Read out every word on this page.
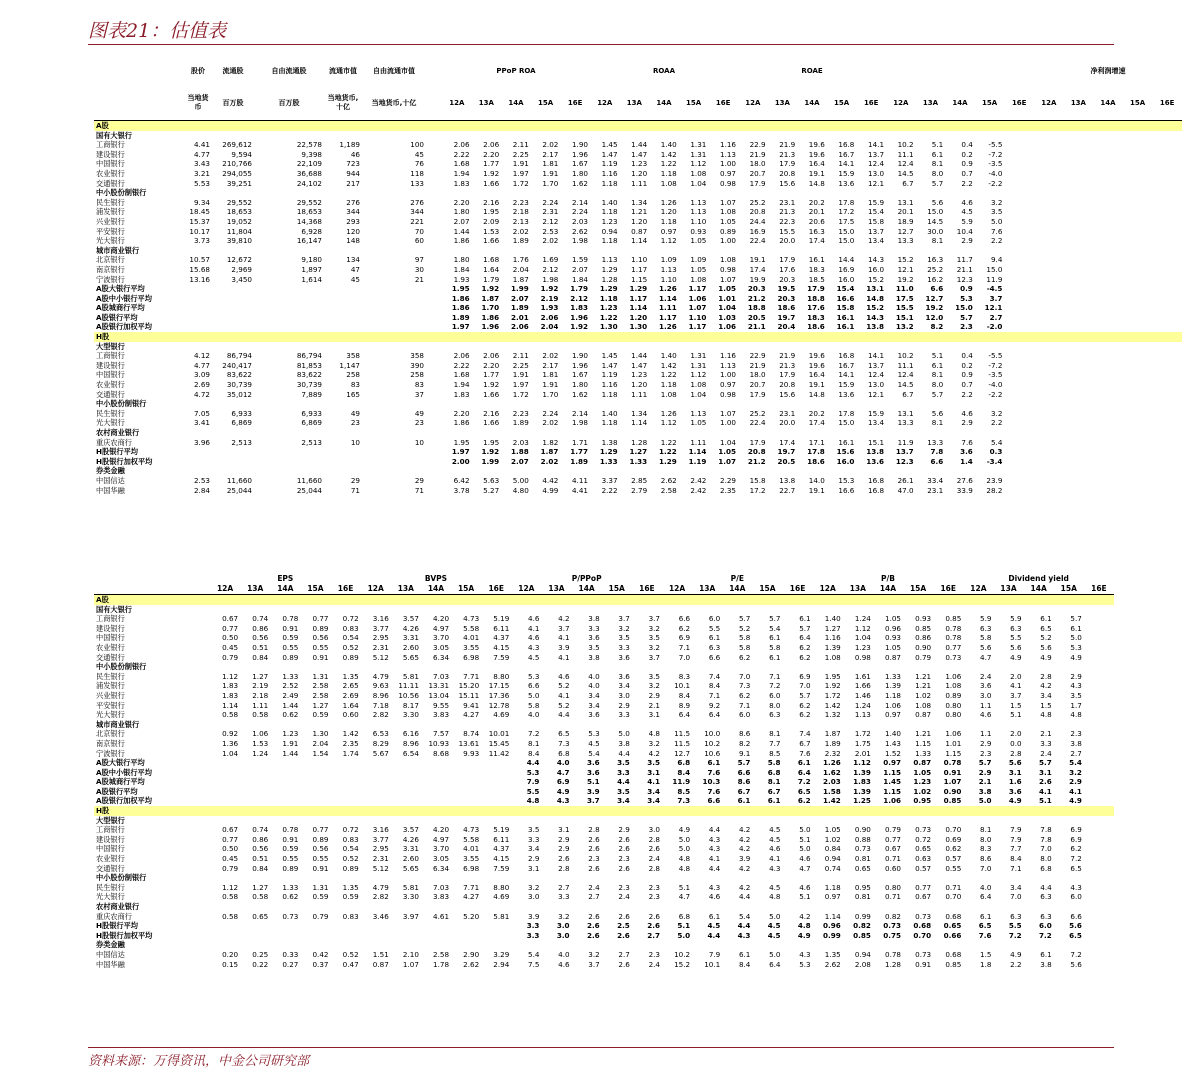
图表21：估值表
	股价	流通股	自由流通股	流通市值	自由流通市值		PPoP ROA					ROAA					ROAE										净利润增速				
	当地货币	百万股	百万股	当地货币,十亿	当地货币,十亿		12A	13A	14A	15A	16E	12A	13A	14A	15A	16E	12A	13A	14A	15A	16E	12A	13A	14A	15A	16E	12A	13A	14A	15A	16E
A股																															
国有大银行																															
工商银行	4.41	269,612	22,578	1,189	100		2.06	2.06	2.11	2.02	1.90	1.45	1.44	1.40	1.31	1.16	22.9	21.9	19.6	16.8	14.1	10.2	5.1	0.4	-5.5						
建设银行	4.77	9,594	9,398	46	45		2.22	2.20	2.25	2.17	1.96	1.47	1.47	1.42	1.31	1.13	21.9	21.3	19.6	16.7	13.7	11.1	6.1	0.2	-7.2						
中国银行	3.43	210,766	22,109	723	76		1.68	1.77	1.91	1.81	1.67	1.19	1.23	1.22	1.12	1.00	18.0	17.9	16.4	14.1	12.4	12.4	8.1	0.9	-3.5						
农业银行	3.21	294,055	36,688	944	118		1.94	1.92	1.97	1.91	1.80	1.16	1.20	1.18	1.08	0.97	20.7	20.8	19.1	15.9	13.0	14.5	8.0	0.7	-4.0						
交通银行	5.53	39,251	24,102	217	133		1.83	1.66	1.72	1.70	1.62	1.18	1.11	1.08	1.04	0.98	17.9	15.6	14.8	13.6	12.1	6.7	5.7	2.2	-2.2						
中小股份制银行																															
民生银行	9.34	29,552	29,552	276	276		2.20	2.16	2.23	2.24	2.14	1.40	1.34	1.26	1.13	1.07	25.2	23.1	20.2	17.8	15.9	13.1	5.6	4.6	3.2						
浦发银行	18.45	18,653	18,653	344	344		1.80	1.95	2.18	2.31	2.24	1.18	1.21	1.20	1.13	1.08	20.8	21.3	20.1	17.2	15.4	20.1	15.0	4.5	3.5						
兴业银行	15.37	19,052	14,368	293	221		2.07	2.09	2.13	2.12	2.03	1.23	1.20	1.18	1.10	1.05	24.4	22.3	20.6	17.5	15.8	18.9	14.5	5.9	5.0						
平安银行	10.17	11,804	6,928	120	70		1.44	1.53	2.02	2.53	2.62	0.94	0.87	0.97	0.93	0.89	16.9	15.5	16.3	15.0	13.7	12.7	30.0	10.4	7.6						
光大银行	3.73	39,810	16,147	148	60		1.86	1.66	1.89	2.02	1.98	1.18	1.14	1.12	1.05	1.00	22.4	20.0	17.4	15.0	13.4	13.3	8.1	2.9	2.2						
城市商业银行																															
北京银行	10.57	12,672	9,180	134	97		1.80	1.68	1.76	1.69	1.59	1.13	1.10	1.09	1.09	1.08	19.1	17.9	16.1	14.4	14.3	15.2	16.3	11.7	9.4						
南京银行	15.68	2,969	1,897	47	30		1.84	1.64	2.04	2.12	2.07	1.29	1.17	1.13	1.05	0.98	17.4	17.6	18.3	16.9	16.0	12.1	25.2	21.1	15.0						
宁波银行	13.16	3,450	1,614	45	21		1.93	1.79	1.87	1.98	1.84	1.28	1.15	1.10	1.08	1.07	19.9	20.3	18.5	16.0	15.2	19.2	16.2	12.3	11.9						
A股大银行平均							1.95	1.92	1.99	1.92	1.79	1.29	1.29	1.26	1.17	1.05	20.3	19.5	17.9	15.4	13.1	11.0	6.6	0.9	-4.5						
A股中小银行平均							1.86	1.87	2.07	2.19	2.12	1.18	1.17	1.14	1.06	1.01	21.2	20.3	18.8	16.6	14.8	17.5	12.7	5.3	3.7						
A股城商行平均							1.86	1.70	1.89	1.93	1.83	1.23	1.14	1.11	1.07	1.04	18.8	18.6	17.6	15.8	15.2	15.5	19.2	15.0	12.1						
A股银行平均							1.89	1.86	2.01	2.06	1.96	1.22	1.20	1.17	1.10	1.03	20.5	19.7	18.3	16.1	14.3	15.1	12.0	5.7	2.7						
A股银行加权平均							1.97	1.96	2.06	2.04	1.92	1.30	1.30	1.26	1.17	1.06	21.1	20.4	18.6	16.1	13.8	13.2	8.2	2.3	-2.0						
H股																															
大型银行																															
工商银行	4.12	86,794	86,794	358	358		2.06	2.06	2.11	2.02	1.90	1.45	1.44	1.40	1.31	1.16	22.9	21.9	19.6	16.8	14.1	10.2	5.1	0.4	-5.5						
建设银行	4.77	240,417	81,853	1,147	390		2.22	2.20	2.25	2.17	1.96	1.47	1.47	1.42	1.31	1.13	21.9	21.3	19.6	16.7	13.7	11.1	6.1	0.2	-7.2						
中国银行	3.09	83,622	83,622	258	258		1.68	1.77	1.91	1.81	1.67	1.19	1.23	1.22	1.12	1.00	18.0	17.9	16.4	14.1	12.4	12.4	8.1	0.9	-3.5						
农业银行	2.69	30,739	30,739	83	83		1.94	1.92	1.97	1.91	1.80	1.16	1.20	1.18	1.08	0.97	20.7	20.8	19.1	15.9	13.0	14.5	8.0	0.7	-4.0						
交通银行	4.72	35,012	7,889	165	37		1.83	1.66	1.72	1.70	1.62	1.18	1.11	1.08	1.04	0.98	17.9	15.6	14.8	13.6	12.1	6.7	5.7	2.2	-2.2						
中小股份制银行																															
民生银行	7.05	6,933	6,933	49	49		2.20	2.16	2.23	2.24	2.14	1.40	1.34	1.26	1.13	1.07	25.2	23.1	20.2	17.8	15.9	13.1	5.6	4.6	3.2						
光大银行	3.41	6,869	6,869	23	23		1.86	1.66	1.89	2.02	1.98	1.18	1.14	1.12	1.05	1.00	22.4	20.0	17.4	15.0	13.4	13.3	8.1	2.9	2.2						
农村商业银行																															
重庆农商行	3.96	2,513	2,513	10	10		1.95	1.95	2.03	1.82	1.71	1.38	1.28	1.22	1.11	1.04	17.9	17.4	17.1	16.1	15.1	11.9	13.3	7.6	5.4						
H股银行平均							1.97	1.92	1.88	1.87	1.77	1.29	1.27	1.22	1.14	1.05	20.8	19.7	17.8	15.6	13.8	13.7	7.8	3.6	0.3						
H股银行加权平均							2.00	1.99	2.07	2.02	1.89	1.33	1.33	1.29	1.19	1.07	21.2	20.5	18.6	16.0	13.6	12.3	6.6	1.4	-3.4						
券类金融																															
中国信达	2.53	11,660	11,660	29	29		6.42	5.63	5.00	4.42	4.11	3.37	2.85	2.62	2.42	2.29	15.8	13.8	14.0	15.3	16.8	26.1	33.4	27.6	23.9						
中国华融	2.84	25,044	25,044	71	71		3.78	5.27	4.80	4.99	4.41	2.22	2.79	2.58	2.42	2.35	17.2	22.7	19.1	16.6	16.8	47.0	23.1	33.9	28.2						
	EPS					BVPS					P/PPoP					P/E					P/B					Dividend yield				
	12A	13A	14A	15A	16E	12A	13A	14A	15A	16E	12A	13A	14A	15A	16E	12A	13A	14A	15A	16E	12A	13A	14A	15A	16E	12A	13A	14A	15A	16E
A股																														
国有大银行																														
工商银行	0.67	0.74	0.78	0.77	0.72	3.16	3.57	4.20	4.73	5.19	4.6	4.2	3.8	3.7	3.7	6.6	6.0	5.7	5.7	6.1	1.40	1.24	1.05	0.93	0.85	5.9	5.9	6.1	5.7	
建设银行	0.77	0.86	0.91	0.89	0.83	3.77	4.26	4.97	5.58	6.11	4.1	3.7	3.3	3.2	3.2	6.2	5.5	5.2	5.4	5.7	1.27	1.12	0.96	0.85	0.78	6.3	6.3	6.5	6.1	
中国银行	0.50	0.56	0.59	0.56	0.54	2.95	3.31	3.70	4.01	4.37	4.6	4.1	3.6	3.5	3.5	6.9	6.1	5.8	6.1	6.4	1.16	1.04	0.93	0.86	0.78	5.8	5.5	5.2	5.0	
农业银行	0.45	0.51	0.55	0.55	0.52	2.31	2.60	3.05	3.55	4.15	4.3	3.9	3.5	3.3	3.2	7.1	6.3	5.8	5.8	6.2	1.39	1.23	1.05	0.90	0.77	5.6	5.6	5.6	5.3	
交通银行	0.79	0.84	0.89	0.91	0.89	5.12	5.65	6.34	6.98	7.59	4.5	4.1	3.8	3.6	3.7	7.0	6.6	6.2	6.1	6.2	1.08	0.98	0.87	0.79	0.73	4.7	4.9	4.9	4.9	
中小股份制银行																														
民生银行	1.12	1.27	1.33	1.31	1.35	4.79	5.81	7.03	7.71	8.80	5.3	4.6	4.0	3.6	3.5	8.3	7.4	7.0	7.1	6.9	1.95	1.61	1.33	1.21	1.06	2.4	2.0	2.8	2.9	
浦发银行	1.83	2.19	2.52	2.58	2.65	9.63	11.11	13.31	15.20	17.15	6.6	5.2	4.0	3.4	3.2	10.1	8.4	7.3	7.2	7.0	1.92	1.66	1.39	1.21	1.08	3.6	4.1	4.2	4.3	
兴业银行	1.83	2.18	2.49	2.58	2.69	8.96	10.56	13.04	15.11	17.36	5.0	4.1	3.4	3.0	2.9	8.4	7.1	6.2	6.0	5.7	1.72	1.46	1.18	1.02	0.89	3.0	3.7	3.4	3.5	
平安银行	1.14	1.11	1.44	1.27	1.64	7.18	8.17	9.55	9.41	12.78	5.8	5.2	3.4	2.9	2.1	8.9	9.2	7.1	8.0	6.2	1.42	1.24	1.06	1.08	0.80	1.1	1.5	1.5	1.7	
光大银行	0.58	0.58	0.62	0.59	0.60	2.82	3.30	3.83	4.27	4.69	4.0	4.4	3.6	3.3	3.1	6.4	6.4	6.0	6.3	6.2	1.32	1.13	0.97	0.87	0.80	4.6	5.1	4.8	4.8	
城市商业银行																														
北京银行	0.92	1.06	1.23	1.30	1.42	6.53	6.16	7.57	8.74	10.01	7.2	6.5	5.3	5.0	4.8	11.5	10.0	8.6	8.1	7.4	1.87	1.72	1.40	1.21	1.06	1.1	2.0	2.1	2.3	
南京银行	1.36	1.53	1.91	2.04	2.35	8.29	8.96	10.93	13.61	15.45	8.1	7.3	4.5	3.8	3.2	11.5	10.2	8.2	7.7	6.7	1.89	1.75	1.43	1.15	1.01	2.9	0.0	3.3	3.8	
宁波银行	1.04	1.24	1.44	1.54	1.74	5.67	6.54	8.68	9.93	11.42	8.4	6.8	5.4	4.4	4.2	12.7	10.6	9.1	8.5	7.6	2.32	2.01	1.52	1.33	1.15	2.3	2.8	2.4	2.7	
A股大银行平均											4.4	4.0	3.6	3.5	3.5	6.8	6.1	5.7	5.8	6.1	1.26	1.12	0.97	0.87	0.78	5.7	5.6	5.7	5.4	
A股中小银行平均											5.3	4.7	3.6	3.3	3.1	8.4	7.6	6.6	6.8	6.4	1.62	1.39	1.15	1.05	0.91	2.9	3.1	3.1	3.2	
A股城商行平均											7.9	6.9	5.1	4.4	4.1	11.9	10.3	8.6	8.1	7.2	2.03	1.83	1.45	1.23	1.07	2.1	1.6	2.6	2.9	
A股银行平均											5.5	4.9	3.9	3.5	3.4	8.5	7.6	6.7	6.7	6.5	1.58	1.39	1.15	1.02	0.90	3.8	3.6	4.1	4.1	
A股银行加权平均											4.8	4.3	3.7	3.4	3.4	7.3	6.6	6.1	6.1	6.2	1.42	1.25	1.06	0.95	0.85	5.0	4.9	5.1	4.9	
H股																														
大型银行																														
工商银行	0.67	0.74	0.78	0.77	0.72	3.16	3.57	4.20	4.73	5.19	3.5	3.1	2.8	2.9	3.0	4.9	4.4	4.2	4.5	5.0	1.05	0.90	0.79	0.73	0.70	8.1	7.9	7.8	6.9	
建设银行	0.77	0.86	0.91	0.89	0.83	3.77	4.26	4.97	5.58	6.11	3.3	2.9	2.6	2.6	2.8	5.0	4.3	4.2	4.5	5.1	1.02	0.88	0.77	0.72	0.69	8.0	7.9	7.8	6.9	
中国银行	0.50	0.56	0.59	0.56	0.54	2.95	3.31	3.70	4.01	4.37	3.4	2.9	2.6	2.6	2.6	5.0	4.3	4.2	4.6	5.0	0.84	0.73	0.67	0.65	0.62	8.3	7.7	7.0	6.2	
农业银行	0.45	0.51	0.55	0.55	0.52	2.31	2.60	3.05	3.55	4.15	2.9	2.6	2.3	2.3	2.4	4.8	4.1	3.9	4.1	4.6	0.94	0.81	0.71	0.63	0.57	8.6	8.4	8.0	7.2	
交通银行	0.79	0.84	0.89	0.91	0.89	5.12	5.65	6.34	6.98	7.59	3.1	2.8	2.6	2.6	2.8	4.8	4.4	4.2	4.3	4.7	0.74	0.65	0.60	0.57	0.55	7.0	7.1	6.8	6.5	
中小股份制银行																														
民生银行	1.12	1.27	1.33	1.31	1.35	4.79	5.81	7.03	7.71	8.80	3.2	2.7	2.4	2.3	2.3	5.1	4.3	4.2	4.5	4.6	1.18	0.95	0.80	0.77	0.71	4.0	3.4	4.4	4.3	
光大银行	0.58	0.58	0.62	0.59	0.59	2.82	3.30	3.83	4.27	4.69	3.0	3.3	2.7	2.4	2.3	4.7	4.6	4.4	4.8	5.1	0.97	0.81	0.71	0.67	0.70	6.4	7.0	6.3	6.0	
农村商业银行																														
重庆农商行	0.58	0.65	0.73	0.79	0.83	3.46	3.97	4.61	5.20	5.81	3.9	3.2	2.6	2.6	2.6	6.8	6.1	5.4	5.0	4.2	1.14	0.99	0.82	0.73	0.68	6.1	6.3	6.3	6.6	
H股银行平均											3.3	3.0	2.6	2.5	2.6	5.1	4.5	4.4	4.5	4.8	0.96	0.82	0.73	0.68	0.65	6.5	5.5	6.0	5.6	
H股银行加权平均											3.3	3.0	2.6	2.6	2.7	5.0	4.4	4.3	4.5	4.9	0.99	0.85	0.75	0.70	0.66	7.6	7.2	7.2	6.5	
券类金融																														
中国信达	0.20	0.25	0.33	0.42	0.52	1.51	2.10	2.58	2.90	3.29	5.4	4.0	3.2	2.7	2.3	10.2	7.9	6.1	5.0	4.3	1.35	0.94	0.78	0.73	0.68	1.5	4.9	6.1	7.2	
中国华融	0.15	0.22	0.27	0.37	0.47	0.87	1.07	1.78	2.62	2.94	7.5	4.6	3.7	2.6	2.4	15.2	10.1	8.4	6.4	5.3	2.62	2.08	1.28	0.91	0.85	1.8	2.2	3.8	5.6	
资料来源：万得资讯，中金公司研究部
